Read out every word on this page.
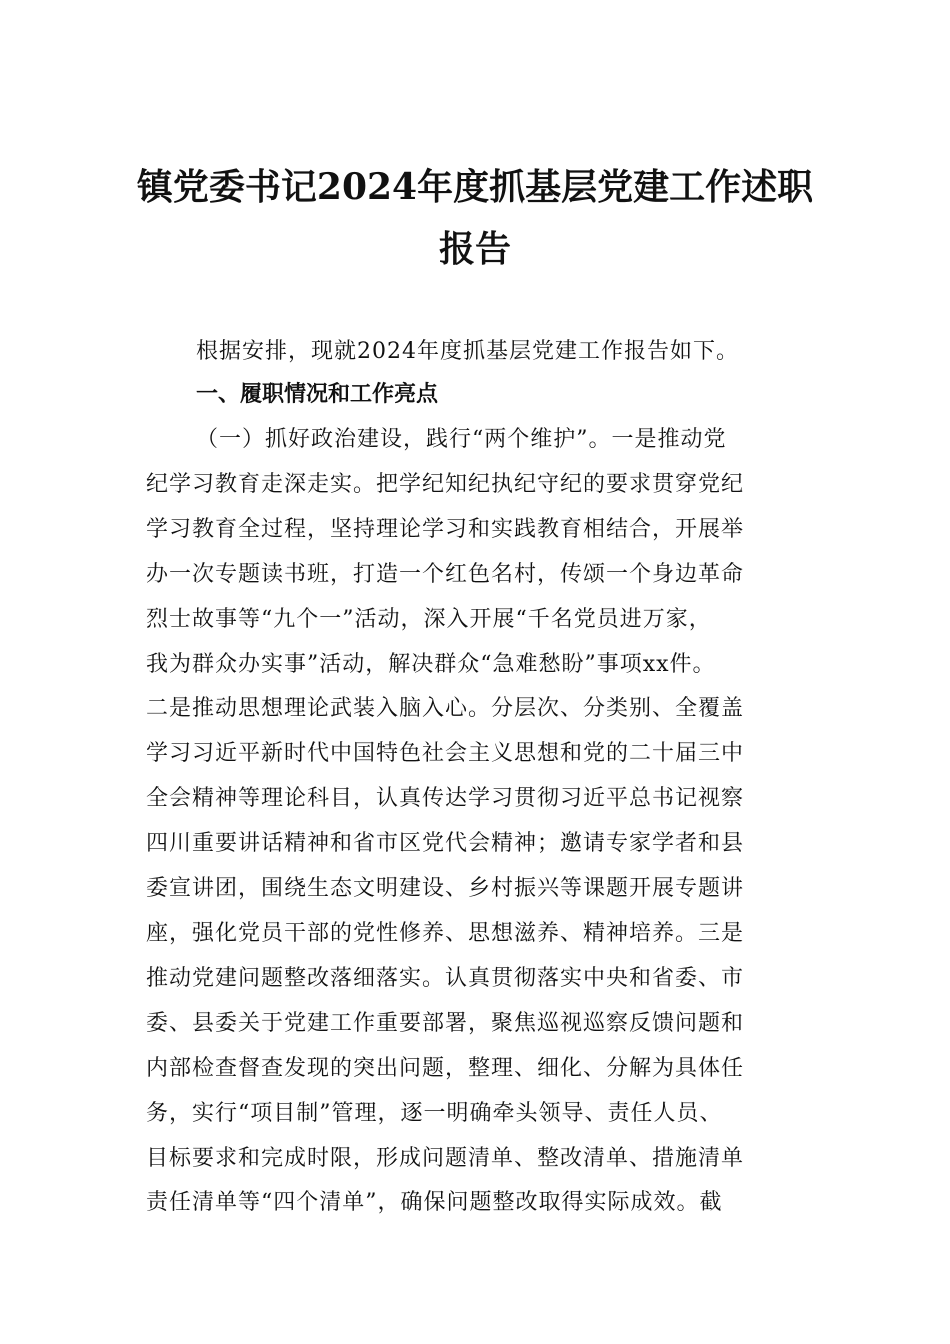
镇党委书记2024年度抓基层党建工作述职
报告

根据安排，现就2024年度抓基层党建工作报告如下。

一、履职情况和工作亮点
（一）抓好政治建设，践行“两个维护”。一是推动党
纪学习教育走深走实。把学纪知纪执纪守纪的要求贯穿党纪
学习教育全过程，坚持理论学习和实践教育相结合，开展举
办一次专题读书班，打造一个红色名村，传颂一个身边革命
烈士故事等“九个一”活动，深入开展“千名党员进万家，
我为群众办实事”活动，解决群众“急难愁盼”事项xx件。
二是推动思想理论武装入脑入心。分层次、分类别、全覆盖
学习习近平新时代中国特色社会主义思想和党的二十届三中
全会精神等理论科目，认真传达学习贯彻习近平总书记视察
四川重要讲话精神和省市区党代会精神；邀请专家学者和县
委宣讲团，围绕生态文明建设、乡村振兴等课题开展专题讲
座，强化党员干部的党性修养、思想滋养、精神培养。三是
推动党建问题整改落细落实。认真贯彻落实中央和省委、市
委、县委关于党建工作重要部署，聚焦巡视巡察反馈问题和
内部检查督查发现的突出问题，整理、细化、分解为具体任
务，实行“项目制”管理，逐一明确牵头领导、责任人员、
目标要求和完成时限，形成问题清单、整改清单、措施清单
责任清单等“四个清单”，确保问题整改取得实际成效。截
